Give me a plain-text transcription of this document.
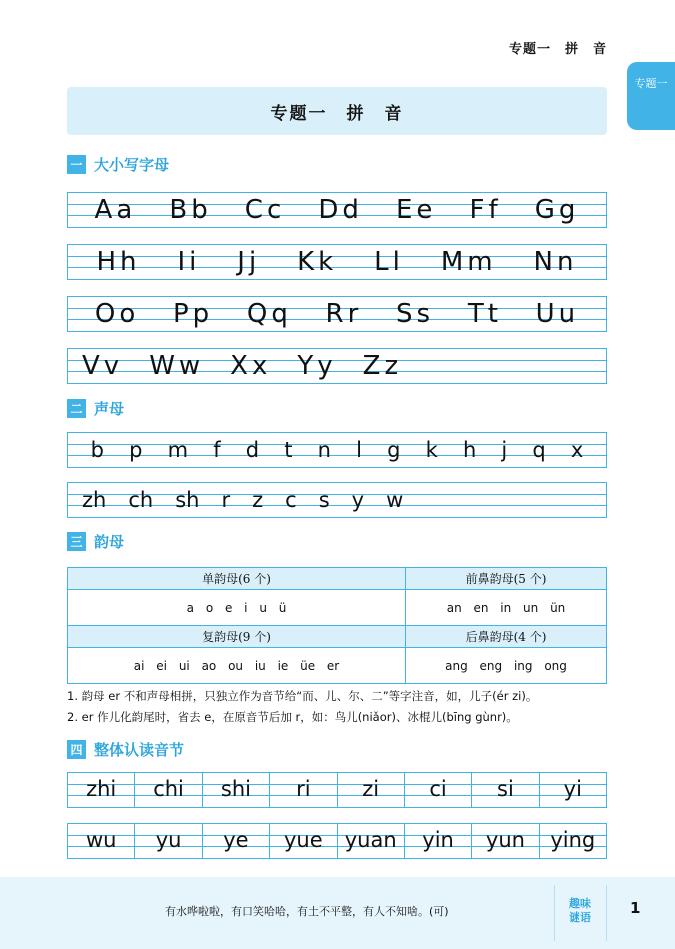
专题一　拼　音
专题一
专题一　拼　音
一 大小写字母
Aa Bb Cc Dd Ee Ff Gg
Hh Ii Jj Kk Ll Mm Nn
Oo Pp Qq Rr Ss Tt Uu
Vv Ww Xx Yy Zz
二 声母
b p m f d t n l g k h j q x
zh ch sh r z c s y w
三 韵母
单韵母(6 个)	前鼻韵母(5 个)
a o e i u ü	an en in un ün
复韵母(9 个)	后鼻韵母(4 个)
ai ei ui ao ou iu ie üe er	ang eng ing ong
1. 韵母 er 不和声母相拼，只独立作为音节给“而、儿、尔、二”等字注音，如，儿子(ér zi)。
2. er 作儿化韵尾时，省去 e，在原音节后加 r，如：鸟儿(niǎor)、冰棍儿(bīng gùnr)。
四 整体认读音节
zhi	chi	shi	ri	zi	ci	si	yi
wu	yu	ye	yue	yuan	yin	yun	ying
有水哗啦啦，有口笑哈哈，有土不平整，有人不知啥。(可)
趣味谜语
1
